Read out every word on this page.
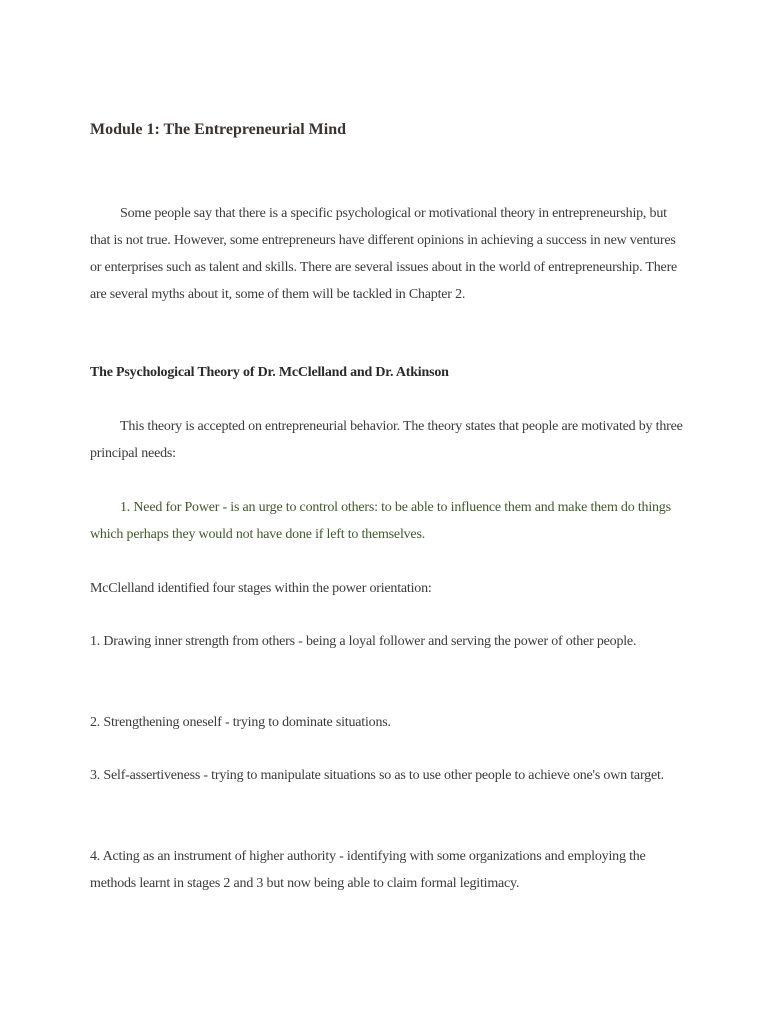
Module 1: The Entrepreneurial Mind

Some people say that there is a specific psychological or motivational theory in entrepreneurship, but that is not true. However, some entrepreneurs have different opinions in achieving a success in new ventures or enterprises such as talent and skills. There are several issues about in the world of entrepreneurship. There are several myths about it, some of them will be tackled in Chapter 2.

The Psychological Theory of Dr. McClelland and Dr. Atkinson

This theory is accepted on entrepreneurial behavior. The theory states that people are motivated by three principal needs:

1. Need for Power - is an urge to control others: to be able to influence them and make them do things which perhaps they would not have done if left to themselves.

McClelland identified four stages within the power orientation:

1. Drawing inner strength from others - being a loyal follower and serving the power of other people.

2. Strengthening oneself - trying to dominate situations.

3. Self-assertiveness - trying to manipulate situations so as to use other people to achieve one's own target.

4. Acting as an instrument of higher authority - identifying with some organizations and employing the methods learnt in stages 2 and 3 but now being able to claim formal legitimacy.
